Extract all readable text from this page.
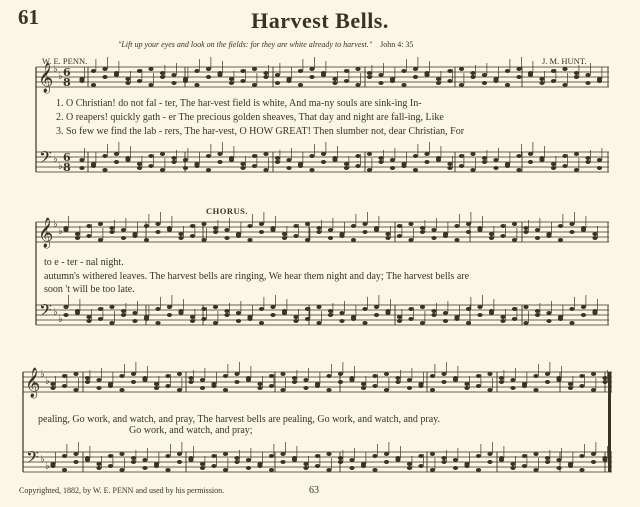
61	Harvest Bells.
"Lift up your eyes and look on the fields: for they are white already to harvest." John 4: 35
W. E. PENN.	J. M. HUNT.
𝄞
𝄢
6
6
8
8
♭
♭
♭
♭
𝄞
𝄢
♭
♭
♭
♭
𝄞
𝄢
♭
♭
♭
♭
1. O Christian! do not fal - ter, The har-vest field is white, And ma-ny souls are sink-ing In-
2. O reapers! quickly gath - er The precious golden sheaves, That day and night are fall-ing, Like
3. So few we find the lab - rers, The har-vest, O HOW GREAT! Then slumber not, dear Christian, For
CHORUS.
to e - ter - nal night.
autumn's withered leaves. The harvest bells are ringing, We hear them night and day; The harvest bells are
soon 't will be too late.
pealing, Go work, and watch, and pray, The harvest bells are pealing, Go work, and watch, and pray.
Go work, and watch, and pray;
Copyrighted, 1882, by W. E. PENN and used by his permission.	63
